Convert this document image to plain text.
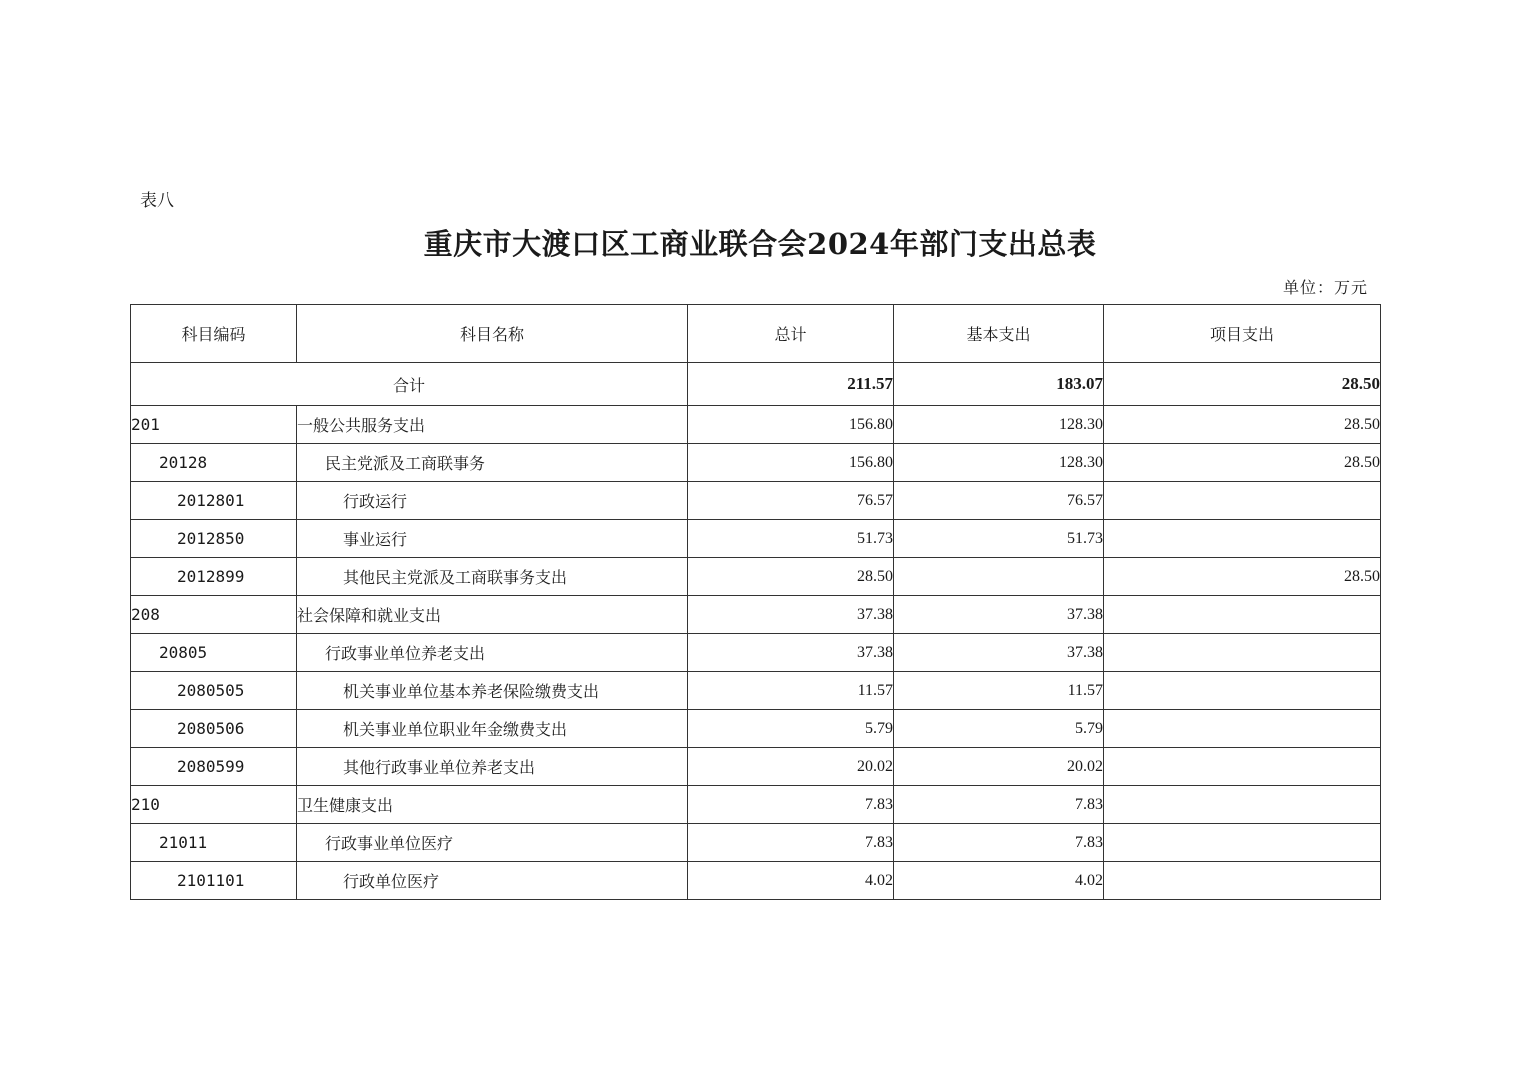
表八
重庆市大渡口区工商业联合会2024年部门支出总表
单位：万元
科目编码	科目名称	总计	基本支出	项目支出
合计		211.57	183.07	28.50
201	一般公共服务支出	156.80	128.30	28.50
20128	民主党派及工商联事务	156.80	128.30	28.50
2012801	行政运行	76.57	76.57	
2012850	事业运行	51.73	51.73	
2012899	其他民主党派及工商联事务支出	28.50		28.50
208	社会保障和就业支出	37.38	37.38	
20805	行政事业单位养老支出	37.38	37.38	
2080505	机关事业单位基本养老保险缴费支出	11.57	11.57	
2080506	机关事业单位职业年金缴费支出	5.79	5.79	
2080599	其他行政事业单位养老支出	20.02	20.02	
210	卫生健康支出	7.83	7.83	
21011	行政事业单位医疗	7.83	7.83	
2101101	行政单位医疗	4.02	4.02	
